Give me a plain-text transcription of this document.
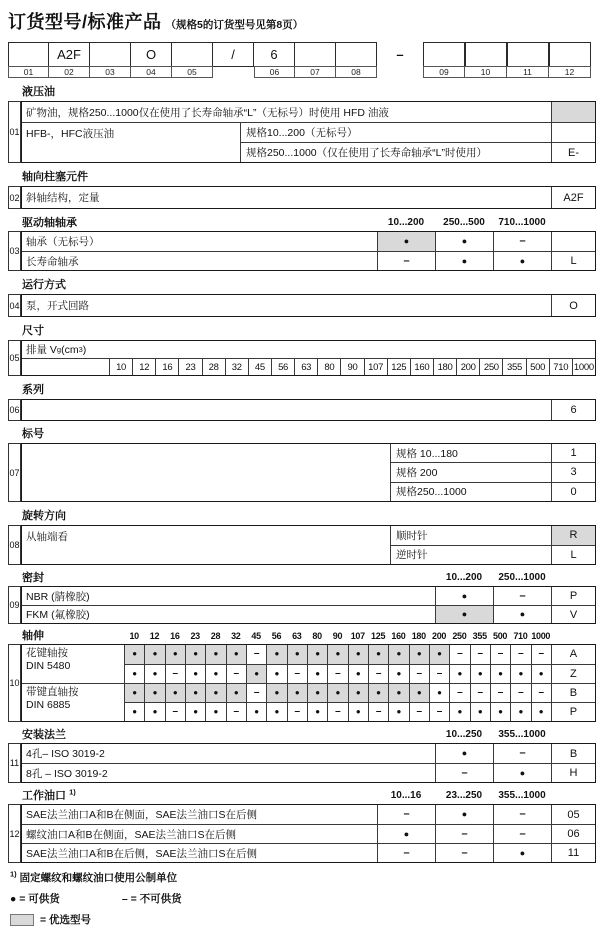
订货型号/标准产品 （规格5的订货型号见第8页）
01
A2F
02	03
O
04	05
/	6
06	07	08
–
09	10	11	12
液压油
01
矿物油，规格250...1000仅在使用了长寿命轴承“L”（无标号）时使用 HFD 油液
HFB-，HFC液压油	规格10...200（无标号）
规格250...1000（仅在使用了长寿命轴承“L”时使用）	E-
轴向柱塞元件
02 斜轴结构，定量	A2F
驱动轴轴承	10...200	250...500	710...1000
03
轴承（无标号）	●	●	–
长寿命轴承	–	●	●	L
运行方式
04 泵，开式回路	O
尺寸
05
排量 V g (cm 3 )
10	12	16	23	28	32	45	56	63	80	90	107 125 160 180 200 250 355 500 710 1000
系列
06	6
标号
07
规格 10...180	1
规格 200	3
规格250...1000	0
旋转方向
08
从轴端看	顺时针	R
逆时针	L
密封	10...200	250...1000
09
NBR (腈橡胶)	●	–	P
FKM (氟橡胶)	●	●	V
轴伸	10	12	16	23	28	32	45	56	63	80	90 107 125 160 180 200 250 355 500 710 1000
10
花键轴按
DIN 5480
● ● ● ● ● ● – ● ● ● ● ● ● ● ● ● – – – – –	A
● ● – ● ● – ● ● – ● – ● – ● – – ● ● ● ● ●	Z
带键直轴按
DIN 6885
● ● ● ● ● ● – ● ● ● ● ● ● ● ● ● – – – – –	B
● ● – ● ● – ● ● – ● – ● – ● – – ● ● ● ● ●	P
安装法兰	10...250	355...1000
11
4孔– ISO 3019-2	●	–	B
8孔 – ISO 3019-2	–	●	H
工作油口 $^{1)}$	10...16	23...250	355...1000
12
SAE法兰油口A和B在侧面，SAE法兰油口S在后侧	–	●	–	05
螺纹油口A和B在侧面，SAE法兰油口S在后侧	●	–	–	06
SAE法兰油口A和B在后侧，SAE法兰油口S在后侧	–	–	●	11
$^{1)}$ 固定螺纹和螺纹油口使用公制单位
● = 可供货	– = 不可供货
= 优选型号
